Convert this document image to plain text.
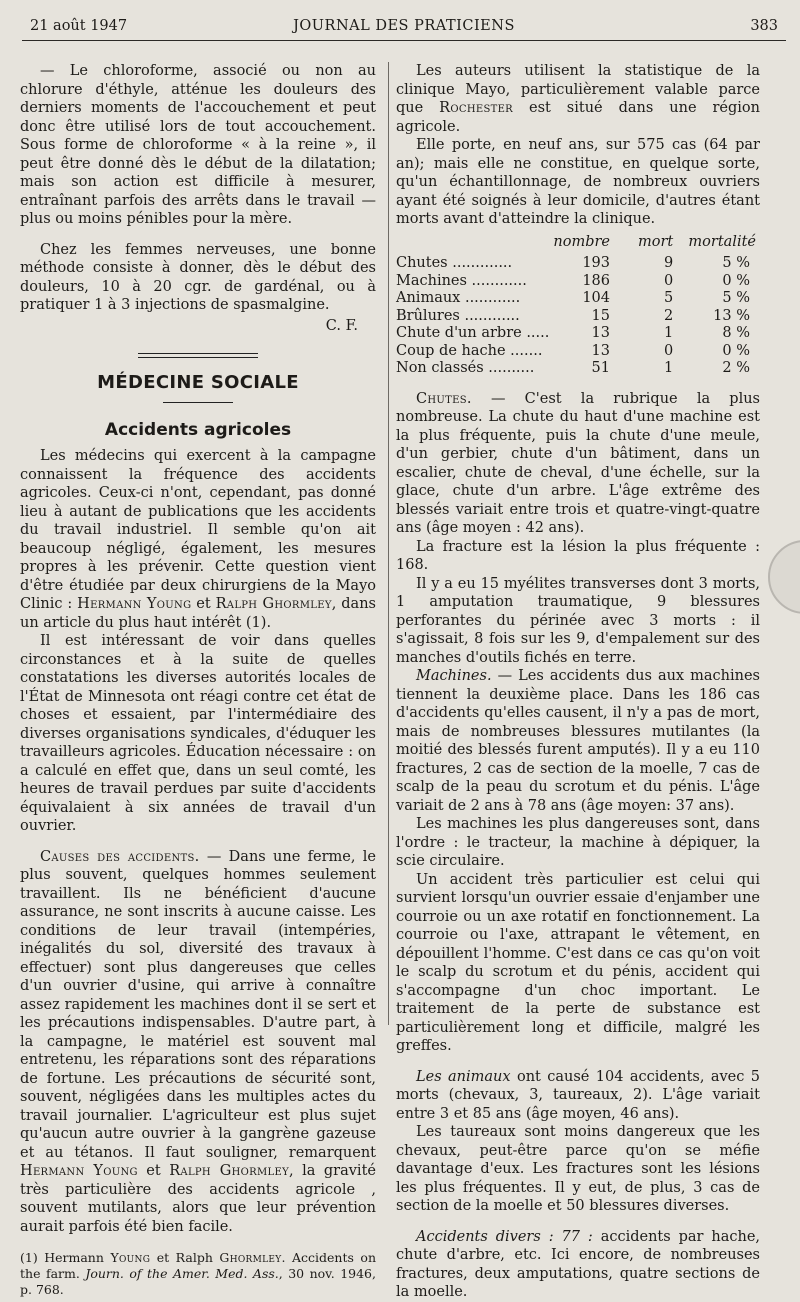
21 août 1947	JOURNAL DES PRATICIENS	383

— Le chloroforme, associé ou non au chlorure d'éthyle, atténue les douleurs des derniers moments de l'accouchement et peut donc être utilisé lors de tout accouchement. Sous forme de chloroforme « à la reine », il peut être donné dès le début de la dilatation; mais son action est difficile à mesurer, entraînant parfois des arrêts dans le travail — plus ou moins pénibles pour la mère.

Chez les femmes nerveuses, une bonne méthode consiste à donner, dès le début des douleurs, 10 à 20 cgr. de gardénal, ou à pratiquer 1 à 3 injections de spasmalgine.

C. F.
MÉDECINE SOCIALE
Accidents agricoles

Les médecins qui exercent à la campagne connaissent la fréquence des accidents agricoles. Ceux-ci n'ont, cependant, pas donné lieu à autant de publications que les accidents du travail industriel. Il semble qu'on ait beaucoup négligé, également, les mesures propres à les prévenir. Cette question vient d'être étudiée par deux chirurgiens de la Mayo Clinic : Hermann Young et Ralph Ghormley, dans un article du plus haut intérêt (1).

Il est intéressant de voir dans quelles circonstances et à la suite de quelles constatations les diverses autorités locales de l'État de Minnesota ont réagi contre cet état de choses et essaient, par l'intermédiaire des diverses organisations syndicales, d'éduquer les travailleurs agricoles. Éducation nécessaire : on a calculé en effet que, dans un seul comté, les heures de travail perdues par suite d'accidents équivalaient à six années de travail d'un ouvrier.

Causes des accidents. — Dans une ferme, le plus souvent, quelques hommes seulement travaillent. Ils ne bénéficient d'aucune assurance, ne sont inscrits à aucune caisse. Les conditions de leur travail (intempéries, inégalités du sol, diversité des travaux à effectuer) sont plus dangereuses que celles d'un ouvrier d'usine, qui arrive à connaître assez rapidement les machines dont il se sert et les précautions indispensables. D'autre part, à la campagne, le matériel est souvent mal entretenu, les réparations sont des réparations de fortune. Les précautions de sécurité sont, souvent, négligées dans les multiples actes du travail journalier. L'agriculteur est plus sujet qu'aucun autre ouvrier à la gangrène gazeuse et au tétanos. Il faut souligner, remarquent Hermann Young et Ralph Ghormley, la gravité très particulière des accidents agricole , souvent mutilants, alors que leur prévention aurait parfois été bien facile.

(1) Hermann Young et Ralph Ghormley. Accidents on the farm. Journ. of the Amer. Med. Ass., 30 nov. 1946, p. 768.

Les auteurs utilisent la statistique de la clinique Mayo, particulièrement valable parce que Rochester est situé dans une région agricole.

Elle porte, en neuf ans, sur 575 cas (64 par an); mais elle ne constitue, en quelque sorte, qu'un échantillonnage, de nombreux ouvriers ayant été soignés à leur domicile, d'autres étant morts avant d'atteindre la clinique.

	nombre	mort	mortalité
Chutes .............	193	9	5 %
Machines ............	186	0	0 %
Animaux ............	104	5	5 %
Brûlures ............	15	2	13 %
Chute d'un arbre .....	13	1	8 %
Coup de hache .......	13	0	0 %
Non classés ..........	51	1	2 %

Chutes. — C'est la rubrique la plus nombreuse. La chute du haut d'une machine est la plus fréquente, puis la chute d'une meule, d'un gerbier, chute d'un bâtiment, dans un escalier, chute de cheval, d'une échelle, sur la glace, chute d'un arbre. L'âge extrême des blessés variait entre trois et quatre-vingt-quatre ans (âge moyen : 42 ans).

La fracture est la lésion la plus fréquente : 168.

Il y a eu 15 myélites transverses dont 3 morts, 1 amputation traumatique, 9 blessures perforantes du périnée avec 3 morts : il s'agissait, 8 fois sur les 9, d'empalement sur des manches d'outils fichés en terre.

Machines. — Les accidents dus aux machines tiennent la deuxième place. Dans les 186 cas d'accidents qu'elles causent, il n'y a pas de mort, mais de nombreuses blessures mutilantes (la moitié des blessés furent amputés). Il y a eu 110 fractures, 2 cas de section de la moelle, 7 cas de scalp de la peau du scrotum et du pénis. L'âge variait de 2 ans à 78 ans (âge moyen: 37 ans).

Les machines les plus dangereuses sont, dans l'ordre : le tracteur, la machine à dépiquer, la scie circulaire.

Un accident très particulier est celui qui survient lorsqu'un ouvrier essaie d'enjamber une courroie ou un axe rotatif en fonctionnement. La courroie ou l'axe, attrapant le vêtement, en dépouillent l'homme. C'est dans ce cas qu'on voit le scalp du scrotum et du pénis, accident qui s'accompagne d'un choc important. Le traitement de la perte de substance est particulièrement long et difficile, malgré les greffes.

Les animaux ont causé 104 accidents, avec 5 morts (chevaux, 3, taureaux, 2). L'âge variait entre 3 et 85 ans (âge moyen, 46 ans).

Les taureaux sont moins dangereux que les chevaux, peut-être parce qu'on se méfie davantage d'eux. Les fractures sont les lésions les plus fréquentes. Il y eut, de plus, 3 cas de section de la moelle et 50 blessures diverses.

Accidents divers : 77 : accidents par hache, chute d'arbre, etc. Ici encore, de nombreuses fractures, deux amputations, quatre sections de la moelle.
